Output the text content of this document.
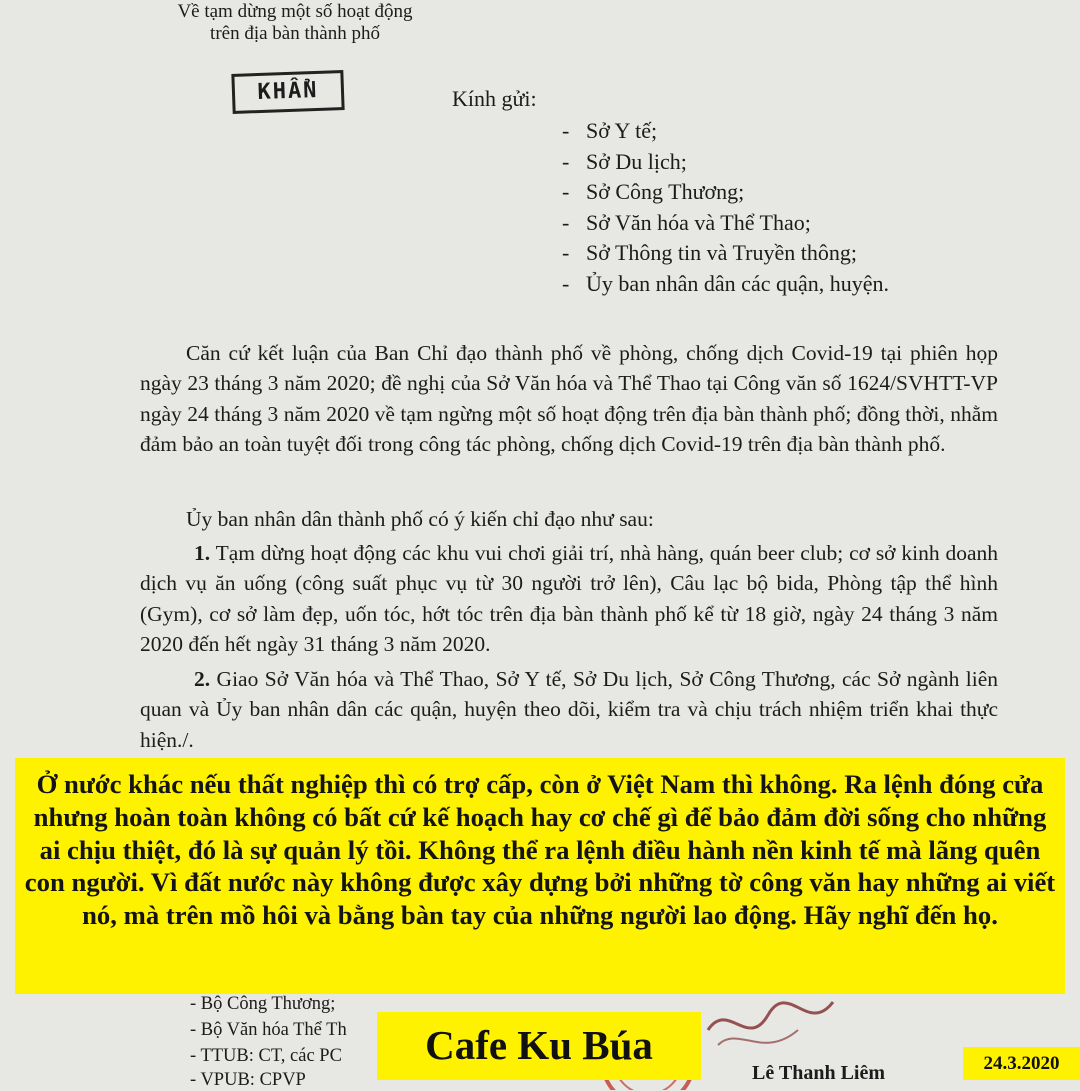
Về tạm dừng một số hoạt động
trên địa bàn thành phố
KHẨN	Kính gửi:
- Sở Y tế;
- Sở Du lịch;
- Sở Công Thương;
- Sở Văn hóa và Thể Thao;
- Sở Thông tin và Truyền thông;
- Ủy ban nhân dân các quận, huyện.

Căn cứ kết luận của Ban Chỉ đạo thành phố về phòng, chống dịch Covid-19 tại phiên họp ngày 23 tháng 3 năm 2020; đề nghị của Sở Văn hóa và Thể Thao tại Công văn số 1624/SVHTT-VP ngày 24 tháng 3 năm 2020 về tạm ngừng một số hoạt động trên địa bàn thành phố; đồng thời, nhằm đảm bảo an toàn tuyệt đối trong công tác phòng, chống dịch Covid-19 trên địa bàn thành phố.

Ủy ban nhân dân thành phố có ý kiến chỉ đạo như sau:

1. Tạm dừng hoạt động các khu vui chơi giải trí, nhà hàng, quán beer club; cơ sở kinh doanh dịch vụ ăn uống (công suất phục vụ từ 30 người trở lên), Câu lạc bộ bida, Phòng tập thể hình (Gym), cơ sở làm đẹp, uốn tóc, hớt tóc trên địa bàn thành phố kể từ 18 giờ, ngày 24 tháng 3 năm 2020 đến hết ngày 31 tháng 3 năm 2020.

2. Giao Sở Văn hóa và Thể Thao, Sở Y tế, Sở Du lịch, Sở Công Thương, các Sở ngành liên quan và Ủy ban nhân dân các quận, huyện theo dõi, kiểm tra và chịu trách nhiệm triển khai thực hiện./.

- Bộ Công Thương;
- Bộ Văn hóa Thể Th
- TTUB: CT, các PC
- VPUB: CPVP	Lê Thanh Liêm
Ở nước khác nếu thất nghiệp thì có trợ cấp, còn ở Việt Nam thì không. Ra lệnh đóng cửa nhưng hoàn toàn không có bất cứ kế hoạch hay cơ chế gì để bảo đảm đời sống cho những ai chịu thiệt, đó là sự quản lý tồi. Không thể ra lệnh điều hành nền kinh tế mà lãng quên con người. Vì đất nước này không được xây dựng bởi những tờ công văn hay những ai viết nó, mà trên mồ hôi và bằng bàn tay của những người lao động. Hãy nghĩ đến họ.
Cafe Ku Búa	24.3.2020
